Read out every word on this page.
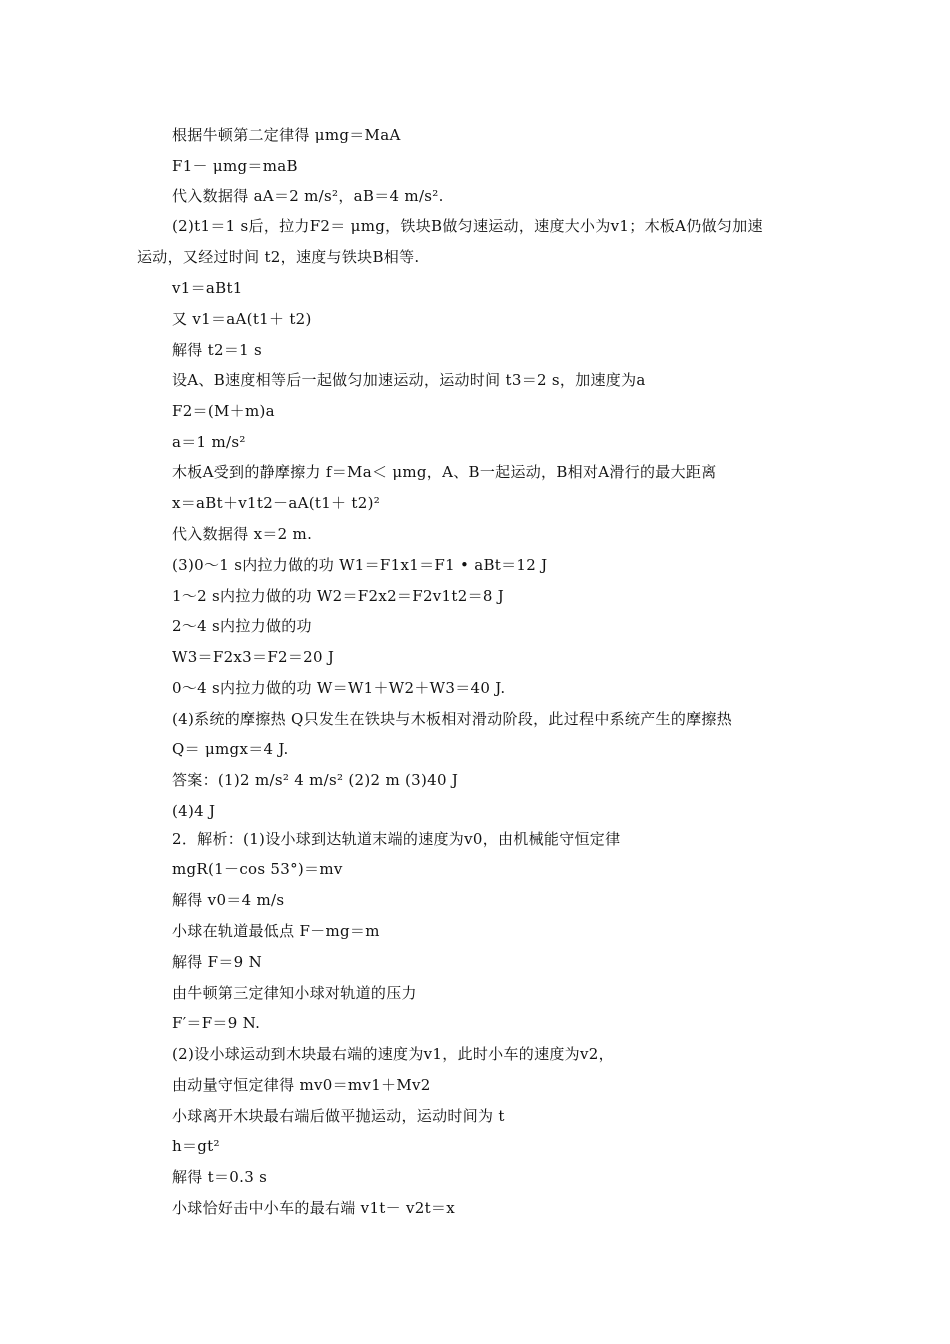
根据牛顿第二定律得 μmg＝MaA
F1－ μmg＝maB
代入数据得 aA＝2 m/s²，aB＝4 m/s².
(2)t1＝1 s后，拉力F2＝ μmg，铁块B做匀速运动，速度大小为v1；木板A仍做匀加速
运动，又经过时间 t2，速度与铁块B相等.
v1＝aBt1
又 v1＝aA(t1＋ t2)
解得 t2＝1 s
设A、B速度相等后一起做匀加速运动，运动时间 t3＝2 s，加速度为a
F2＝(M＋m)a
a＝1 m/s²
木板A受到的静摩擦力 f＝Ma＜ μmg，A、B一起运动，B相对A滑行的最大距离
x＝aBt＋v1t2－aA(t1＋ t2)²
代入数据得 x＝2 m.
(3)0～1 s内拉力做的功 W1＝F1x1＝F1 • aBt＝12 J
1～2 s内拉力做的功 W2＝F2x2＝F2v1t2＝8 J
2～4 s内拉力做的功
W3＝F2x3＝F2＝20 J
0～4 s内拉力做的功 W＝W1＋W2＋W3＝40 J.
(4)系统的摩擦热 Q只发生在铁块与木板相对滑动阶段，此过程中系统产生的摩擦热
Q＝ μmgx＝4 J.
答案：(1)2 m/s² 4 m/s² (2)2 m (3)40 J
(4)4 J
2．解析：(1)设小球到达轨道末端的速度为v0，由机械能守恒定律
mgR(1－cos 53°)＝mv
解得 v0＝4 m/s
小球在轨道最低点 F－mg＝m
解得 F＝9 N
由牛顿第三定律知小球对轨道的压力
F′＝F＝9 N.
(2)设小球运动到木块最右端的速度为v1，此时小车的速度为v2，
由动量守恒定律得 mv0＝mv1＋Mv2
小球离开木块最右端后做平抛运动，运动时间为 t
h＝gt²
解得 t＝0.3 s
小球恰好击中小车的最右端 v1t－ v2t＝x
